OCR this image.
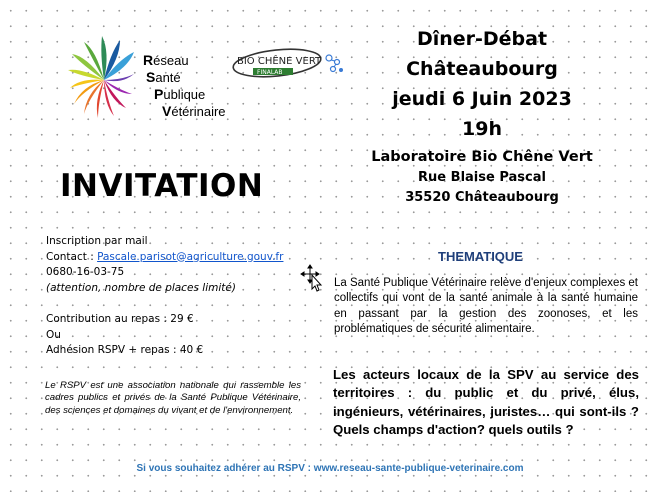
Réseau
Santé
Publique
Vétérinaire
BIO CHÊNE VERT
FINALAB
Dîner-Débat
Châteaubourg
jeudi 6 Juin 2023
19h
Laboratoire Bio Chêne Vert
Rue Blaise Pascal
35520 Châteaubourg
INVITATION
Inscription par mail
Contact : Pascale.parisot@agriculture.gouv.fr
0680-16-03-75
(attention, nombre de places limité)
Contribution au repas : 29 €
Ou
Adhésion RSPV + repas : 40 €
Le RSPV est une association nationale qui rassemble les cadres publics et privés de la Santé Publique Vétérinaire, des sciences et domaines du vivant et de l'environnement.
THEMATIQUE
La Santé Publique Vétérinaire relève d'enjeux complexes et collectifs qui vont de la santé animale à la santé humaine en passant par la gestion des zoonoses, et les problématiques de sécurité alimentaire.
Les acteurs locaux de la SPV au service des territoires : du public et du privé, élus, ingénieurs, vétérinaires, juristes… qui sont-ils ? Quels champs d'action? quels outils ?
Si vous souhaitez adhérer au RSPV : www.reseau-sante-publique-veterinaire.com
